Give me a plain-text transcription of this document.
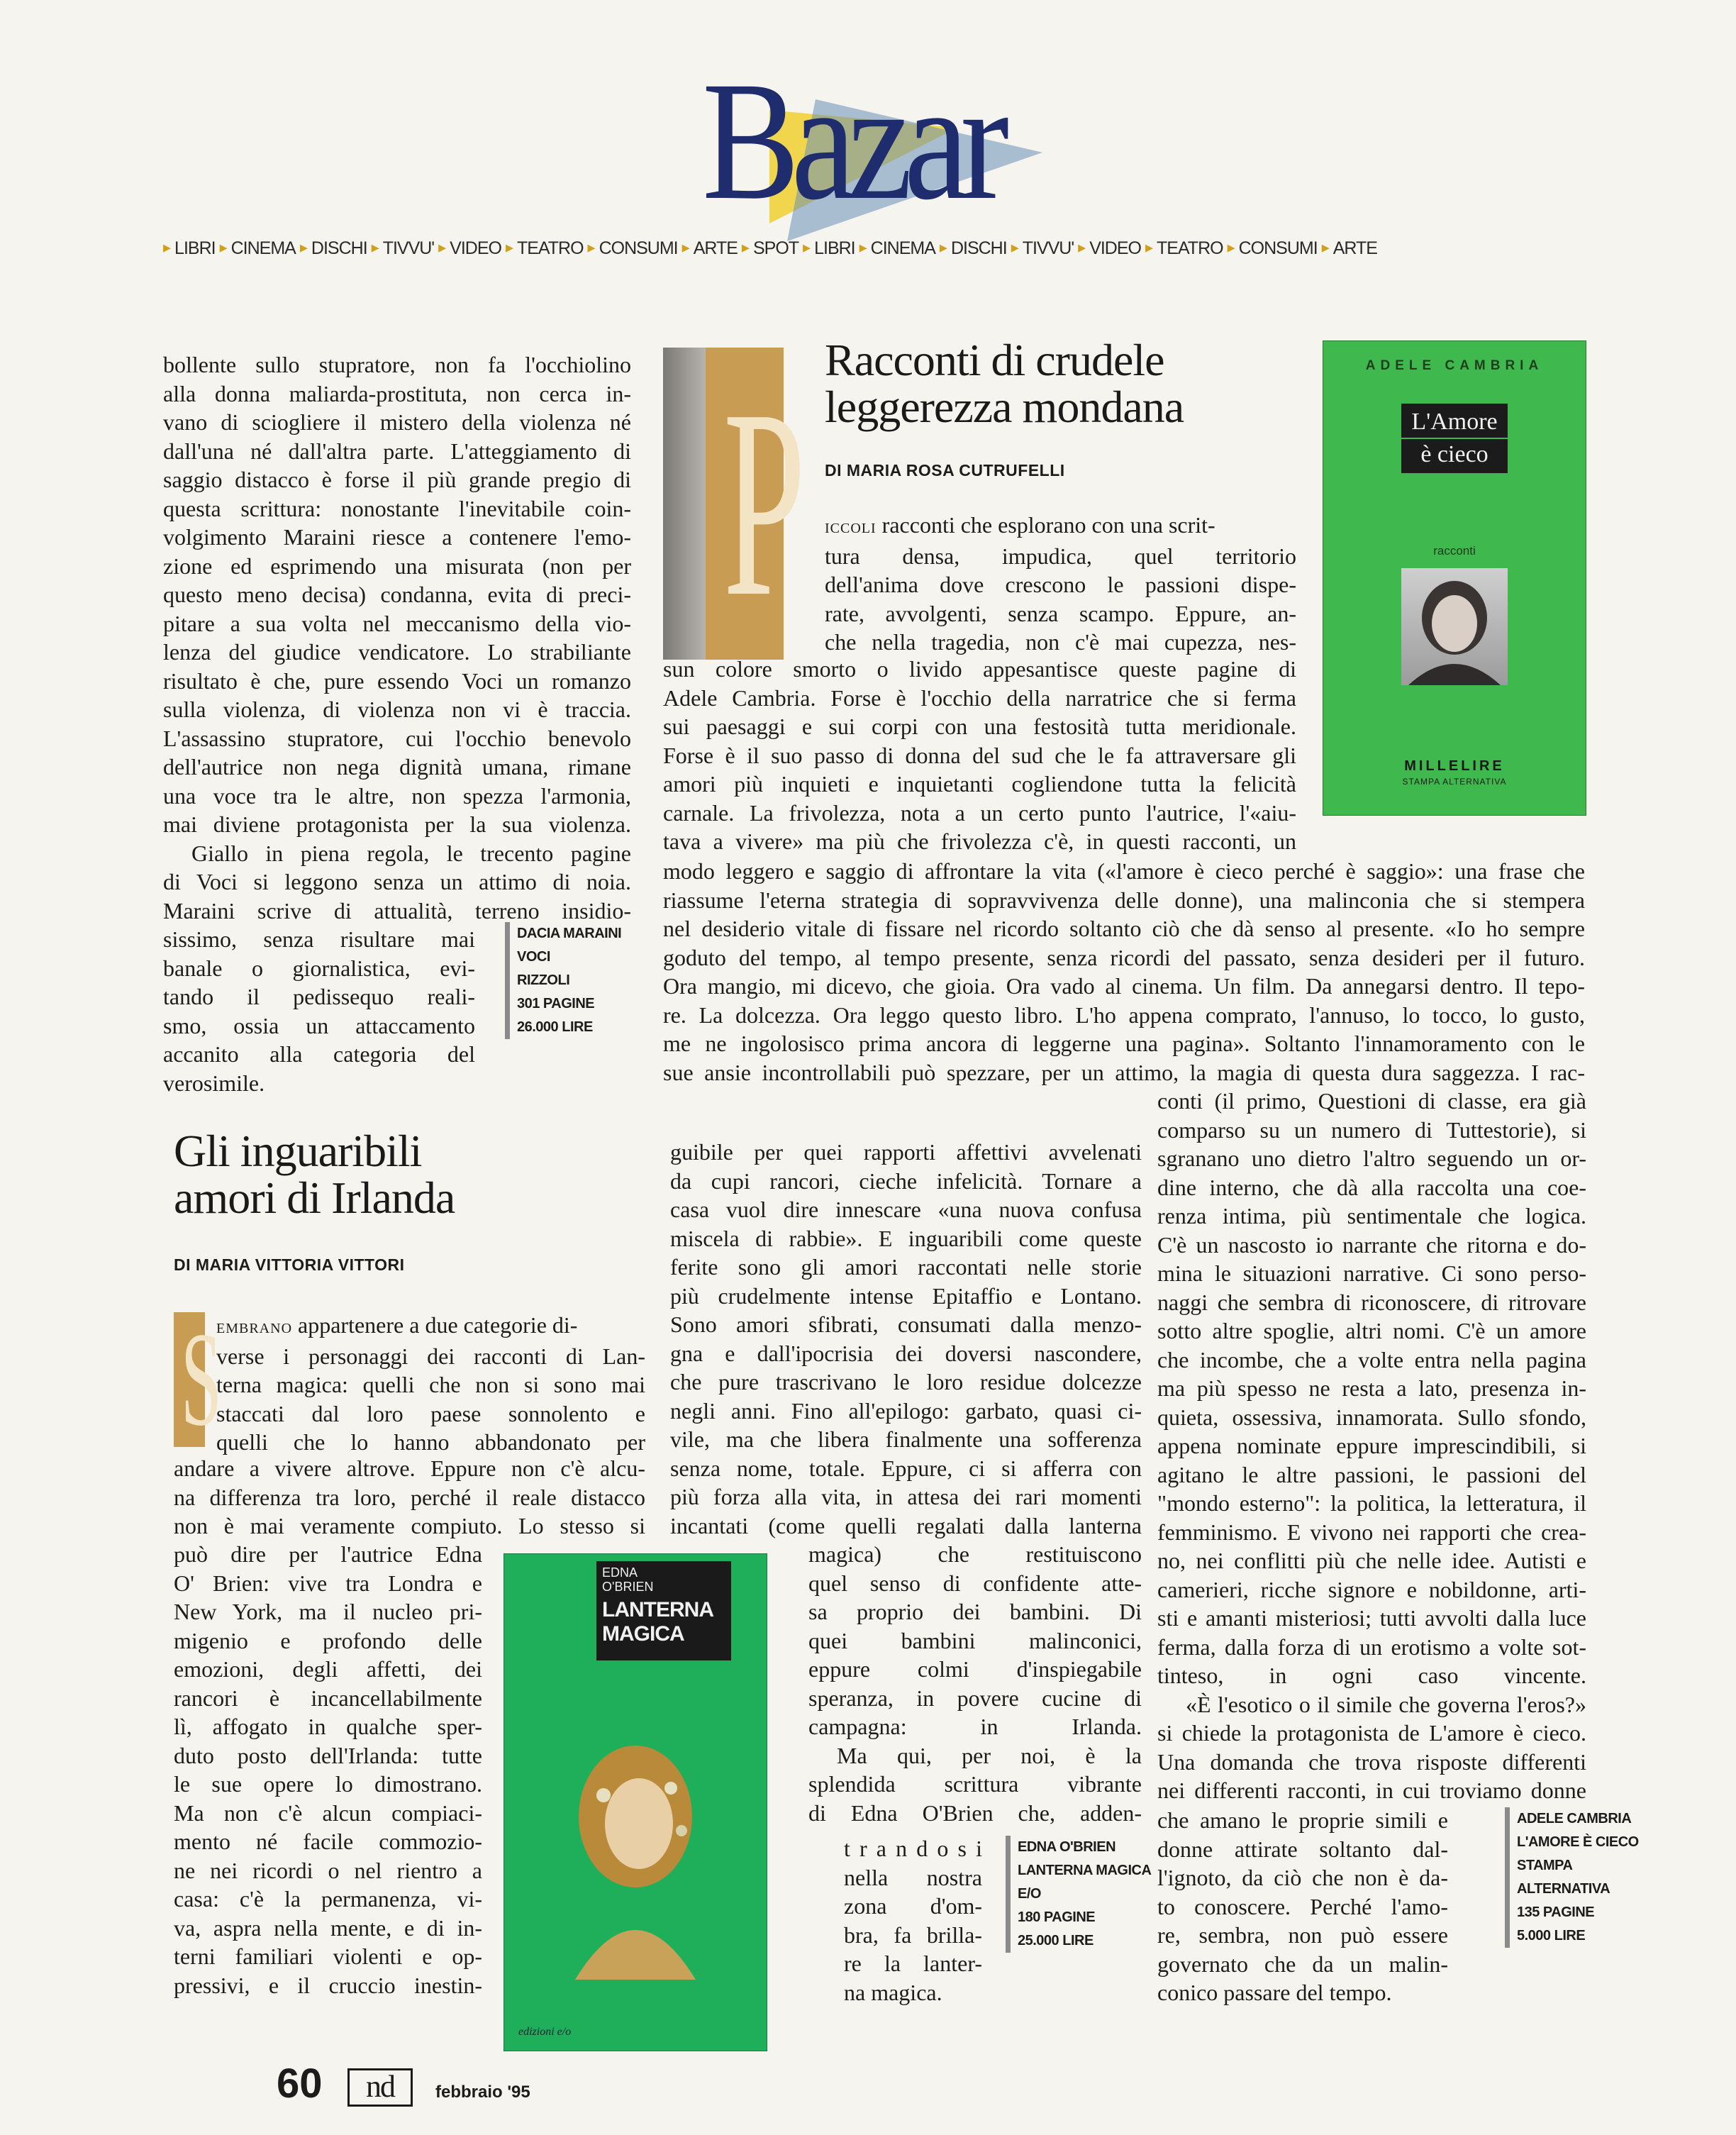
Bazar
▸ LIBRI ▸ CINEMA ▸ DISCHI ▸ TIVVU' ▸ VIDEO ▸ TEATRO ▸ CONSUMI ▸ ARTE ▸ SPOT ▸ LIBRI ▸ CINEMA ▸ DISCHI ▸ TIVVU' ▸ VIDEO ▸ TEATRO ▸ CONSUMI ▸ ARTE
bollente sullo stupratore, non fa l'occhiolino
alla donna maliarda-prostituta, non cerca in-
vano di sciogliere il mistero della violenza né
dall'una né dall'altra parte. L'atteggiamento di
saggio distacco è forse il più grande pregio di
questa scrittura: nonostante l'inevitabile coin-
volgimento Maraini riesce a contenere l'emo-
zione ed esprimendo una misurata (non per
questo meno decisa) condanna, evita di preci-
pitare a sua volta nel meccanismo della vio-
lenza del giudice vendicatore. Lo strabiliante
risultato è che, pure essendo Voci un romanzo
sulla violenza, di violenza non vi è traccia.
L'assassino stupratore, cui l'occhio benevolo
dell'autrice non nega dignità umana, rimane
una voce tra le altre, non spezza l'armonia,
mai diviene protagonista per la sua violenza.
Giallo in piena regola, le trecento pagine
di Voci si leggono senza un attimo di noia.
Maraini scrive di attualità, terreno insidio-
sissimo, senza risultare mai
banale o giornalistica, evi-
tando il pedissequo reali-
smo, ossia un attaccamento
accanito alla categoria del
verosimile.
DACIA MARAINI
VOCI
RIZZOLI
301 PAGINE
26.000 LIRE
P Racconti di crudele leggerezza mondana
DI MARIA ROSA CUTRUFELLI

iccoli racconti che esplorano con una scrit-

tura densa, impudica, quel territorio
dell'anima dove crescono le passioni dispe-
rate, avvolgenti, senza scampo. Eppure, an-
che nella tragedia, non c'è mai cupezza, nes-
sun colore smorto o livido appesantisce queste pagine di
Adele Cambria. Forse è l'occhio della narratrice che si ferma
sui paesaggi e sui corpi con una festosità tutta meridionale.
Forse è il suo passo di donna del sud che le fa attraversare gli
amori più inquieti e inquietanti cogliendone tutta la felicità
carnale. La frivolezza, nota a un certo punto l'autrice, l'«aiu-
tava a vivere» ma più che frivolezza c'è, in questi racconti, un
modo leggero e saggio di affrontare la vita («l'amore è cieco perché è saggio»: una frase che
riassume l'eterna strategia di sopravvivenza delle donne), una malinconia che si stempera
nel desiderio vitale di fissare nel ricordo soltanto ciò che dà senso al presente. «Io ho sempre
goduto del tempo, al tempo presente, senza ricordi del passato, senza desideri per il futuro.
Ora mangio, mi dicevo, che gioia. Ora vado al cinema. Un film. Da annegarsi dentro. Il tepo-
re. La dolcezza. Ora leggo questo libro. L'ho appena comprato, l'annuso, lo tocco, lo gusto,
me ne ingolosisco prima ancora di leggerne una pagina». Soltanto l'innamoramento con le
sue ansie incontrollabili può spezzare, per un attimo, la magia di questa dura saggezza. I rac-
conti (il primo, Questioni di classe, era già
comparso su un numero di Tuttestorie), si
sgranano uno dietro l'altro seguendo un or-
dine interno, che dà alla raccolta una coe-
renza intima, più sentimentale che logica.
C'è un nascosto io narrante che ritorna e do-
mina le situazioni narrative. Ci sono perso-
naggi che sembra di riconoscere, di ritrovare
sotto altre spoglie, altri nomi. C'è un amore
che incombe, che a volte entra nella pagina
ma più spesso ne resta a lato, presenza in-
quieta, ossessiva, innamorata. Sullo sfondo,
appena nominate eppure imprescindibili, si
agitano le altre passioni, le passioni del
"mondo esterno": la politica, la letteratura, il
femminismo. E vivono nei rapporti che crea-
no, nei conflitti più che nelle idee. Autisti e
camerieri, ricche signore e nobildonne, arti-
sti e amanti misteriosi; tutti avvolti dalla luce
ferma, dalla forza di un erotismo a volte sot-
tinteso, in ogni caso vincente.
«È l'esotico o il simile che governa l'eros?»
si chiede la protagonista de L'amore è cieco.
Una domanda che trova risposte differenti
nei differenti racconti, in cui troviamo donne
che amano le proprie simili e
donne attirate soltanto dal-
l'ignoto, da ciò che non è da-
to conoscere. Perché l'amo-
re, sembra, non può essere
governato che da un malin-
conico passare del tempo.
ADELE CAMBRIA
L'AMORE È CIECO
STAMPA
ALTERNATIVA
135 PAGINE
5.000 LIRE
ADELE CAMBRIA
L'Amore
è cieco
racconti
MILLELIRE
STAMPA ALTERNATIVA
Gli inguaribili
amori di Irlanda
DI MARIA VITTORIA VITTORI
S

embrano appartenere a due categorie di-

verse i personaggi dei racconti di Lan-
terna magica: quelli che non si sono mai
staccati dal loro paese sonnolento e
quelli che lo hanno abbandonato per
andare a vivere altrove. Eppure non c'è alcu-
na differenza tra loro, perché il reale distacco
non è mai veramente compiuto. Lo stesso si
può dire per l'autrice Edna
O' Brien: vive tra Londra e
New York, ma il nucleo pri-
migenio e profondo delle
emozioni, degli affetti, dei
rancori è incancellabilmente
lì, affogato in qualche sper-
duto posto dell'Irlanda: tutte
le sue opere lo dimostrano.
Ma non c'è alcun compiaci-
mento né facile commozio-
ne nei ricordi o nel rientro a
casa: c'è la permanenza, vi-
va, aspra nella mente, e di in-
terni familiari violenti e op-
pressivi, e il cruccio inestin-
guibile per quei rapporti affettivi avvelenati
da cupi rancori, cieche infelicità. Tornare a
casa vuol dire innescare «una nuova confusa
miscela di rabbie». E inguaribili come queste
ferite sono gli amori raccontati nelle storie
più crudelmente intense Epitaffio e Lontano.
Sono amori sfibrati, consumati dalla menzo-
gna e dall'ipocrisia dei doversi nascondere,
che pure trascrivano le loro residue dolcezze
negli anni. Fino all'epilogo: garbato, quasi ci-
vile, ma che libera finalmente una sofferenza
senza nome, totale. Eppure, ci si afferra con
più forza alla vita, in attesa dei rari momenti
incantati (come quelli regalati dalla lanterna
magica) che restituiscono
quel senso di confidente atte-
sa proprio dei bambini. Di
quei bambini malinconici,
eppure colmi d'inspiegabile
speranza, in povere cucine di
campagna: in Irlanda.
Ma qui, per noi, è la
splendida scrittura vibrante
di Edna O'Brien che, adden-
t r a n d o s i
nella nostra
zona d'om-
bra, fa brilla-
re la lanter-
na magica.
EDNA O'BRIEN
LANTERNA MAGICA
E/O
180 PAGINE
25.000 LIRE
EDNA
O'BRIEN
LANTERNA
MAGICA
edizioni e/o
60	nd	febbraio '95
